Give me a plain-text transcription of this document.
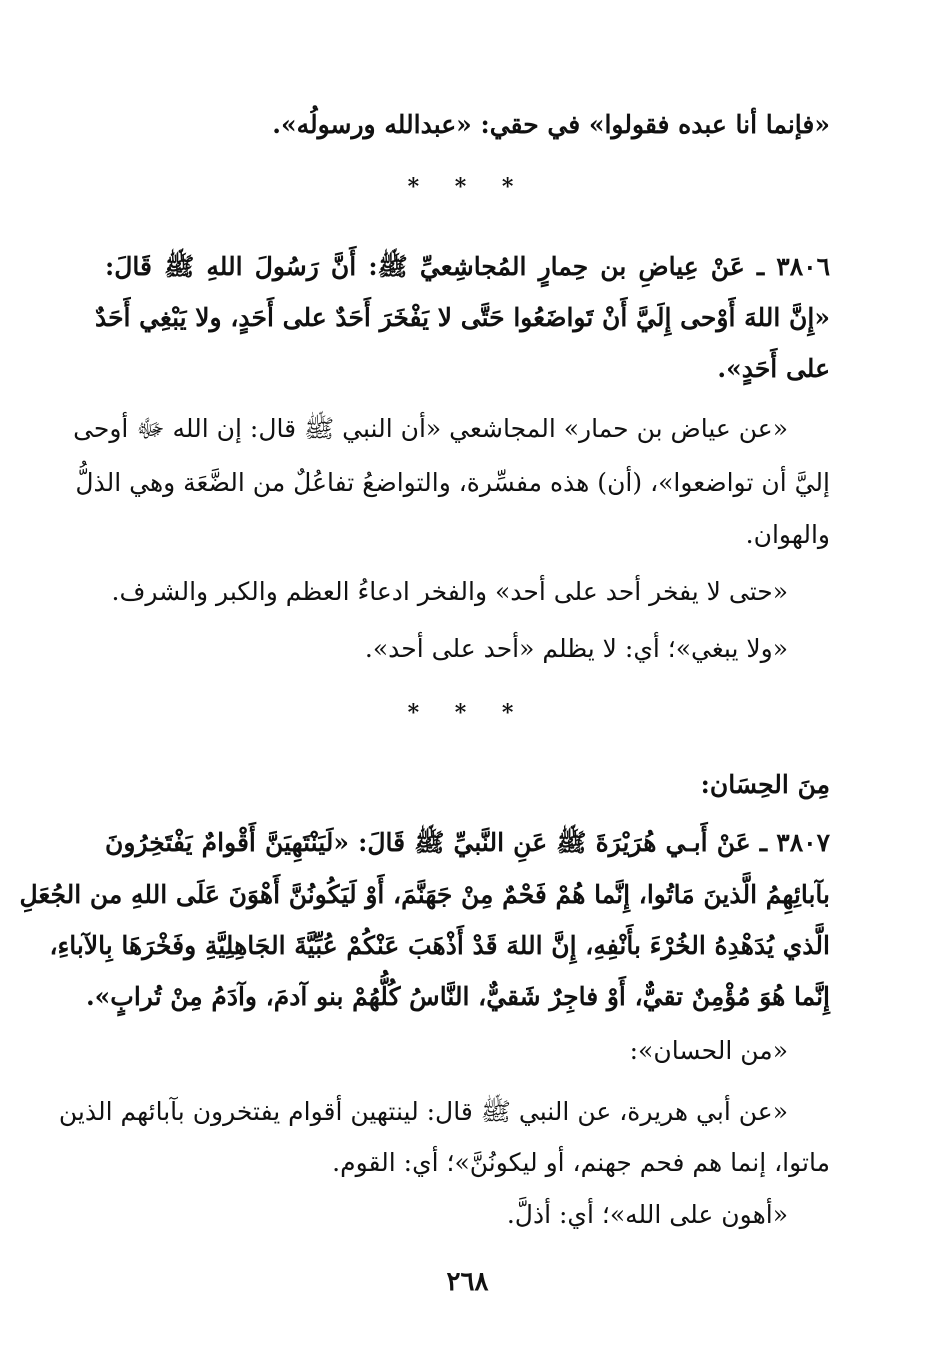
«فإنما أنا عبده فقولوا» في حقي: «عبدالله ورسولُه».
* * *
٣٨٠٦ ـ عَنْ عِياضِ بن حِمارٍ المُجاشِعيِّ ﷺ: أَنَّ رَسُولَ اللهِ ﷺ قَالَ:
«إِنَّ اللهَ أَوْحى إِلَيَّ أَنْ تَواضَعُوا حَتَّى لا يَفْخَرَ أَحَدٌ على أَحَدٍ، ولا يَبْغِي أَحَدٌ
على أَحَدٍ».
«عن عياض بن حمار» المجاشعي «أن النبي ﷺ قال: إن الله ﷻ أوحى
إليَّ أن تواضعوا»، (أن) هذه مفسِّرة، والتواضعُ تفاعُلٌ من الضَّعَة وهي الذلُّ
والهوان.
«حتى لا يفخر أحد على أحد» والفخر ادعاءُ العظم والكبر والشرف.
«ولا يبغي»؛ أي: لا يظلم «أحد على أحد».
* * *
مِنَ الحِسَان:
٣٨٠٧ ـ عَنْ أَبـي هُرَيْرَةَ ﷺ عَنِ النَّبيِّ ﷺ قَالَ: «لَيَنْتَهِيَنَّ أَقْوامٌ يَفْتَخِرُونَ
بآبائِهِمُ الَّذينَ مَاتُوا، إِنَّما هُمْ فَحْمٌ مِنْ جَهَنَّمَ، أَوْ لَيَكُونُنَّ أَهْوَنَ عَلَى اللهِ من الجُعَلِ
الَّذي يُدَهْدِهُ الخُرْءَ بأَنْفِهِ، إِنَّ اللهَ قَدْ أَذْهَبَ عَنْكُمْ عُبِّيَّةَ الجَاهِلِيَّةِ وفَخْرَهَا بِالآباءِ،
إِنَّما هُوَ مُؤْمِنٌ تقيٌّ، أَوْ فاجِرٌ شَقيٌّ، النَّاسُ كُلُّهُمْ بنو آدمَ، وآدَمُ مِنْ تُرابٍ».
«من الحسان»:
«عن أبي هريرة، عن النبي ﷺ قال: لينتهين أقوام يفتخرون بآبائهم الذين
ماتوا، إنما هم فحم جهنم، أو ليكونُنَّ»؛ أي: القوم.
«أهون على الله»؛ أي: أذلَّ.
٢٦٨
